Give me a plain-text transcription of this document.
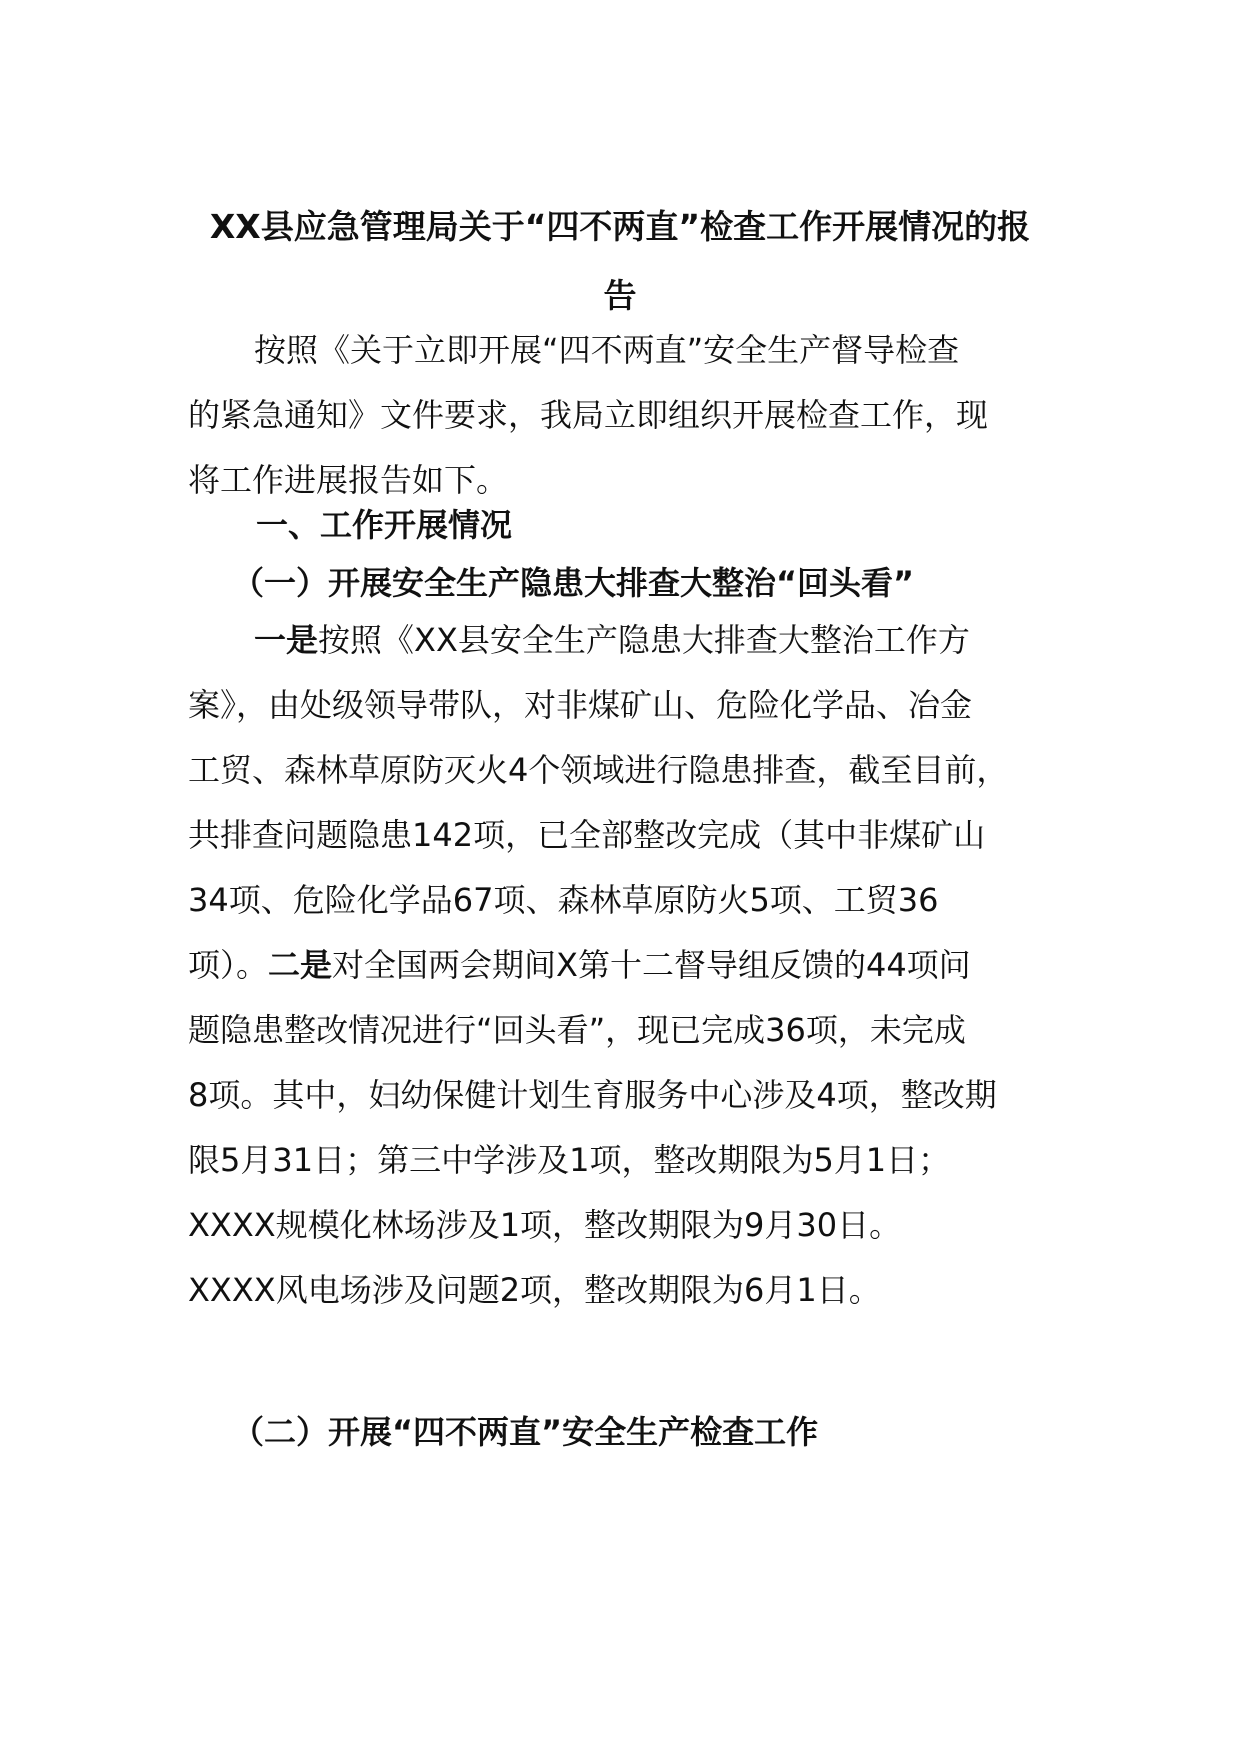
XX县应急管理局关于“四不两直”检查工作开展情况的报
告
按照《关于立即开展“四不两直”安全生产督导检查
的紧急通知》文件要求，我局立即组织开展检查工作，现
将工作进展报告如下。
一、工作开展情况
（一）开展安全生产隐患大排查大整治“回头看”
一是按照《XX县安全生产隐患大排查大整治工作方
案》，由处级领导带队，对非煤矿山、危险化学品、冶金
工贸、森林草原防灭火4个领域进行隐患排查，截至目前，
共排查问题隐患142项，已全部整改完成（其中非煤矿山
34项、危险化学品67项、森林草原防火5项、工贸36
项）。二是对全国两会期间X第十二督导组反馈的44项问
题隐患整改情况进行“回头看”，现已完成36项，未完成
8项。其中，妇幼保健计划生育服务中心涉及4项，整改期
限5月31日；第三中学涉及1项，整改期限为5月1日；
XXXX规模化林场涉及1项，整改期限为9月30日。
XXXX风电场涉及问题2项，整改期限为6月1日。
（二）开展“四不两直”安全生产检查工作
